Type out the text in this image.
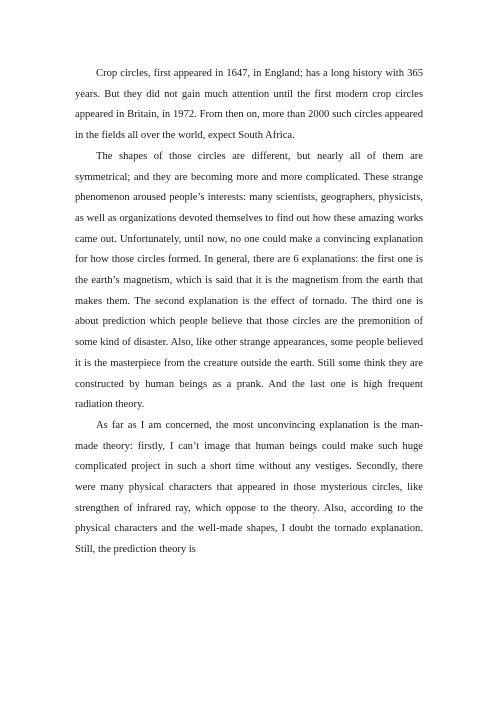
Crop circles, first appeared in 1647, in England; has a long history with 365 years. But they did not gain much attention until the first modern crop circles appeared in Britain, in 1972. From then on, more than 2000 such circles appeared in the fields all over the world, expect South Africa.

The shapes of those circles are different, but nearly all of them are symmetrical; and they are becoming more and more complicated. These strange phenomenon aroused people’s interests: many scientists, geographers, physicists, as well as organizations devoted themselves to find out how these amazing works came out. Unfortunately, until now, no one could make a convincing explanation for how those circles formed. In general, there are 6 explanations: the first one is the earth’s magnetism, which is said that it is the magnetism from the earth that makes them. The second explanation is the effect of tornado. The third one is about prediction which people believe that those circles are the premonition of some kind of disaster. Also, like other strange appearances, some people believed it is the masterpiece from the creature outside the earth. Still some think they are constructed by human beings as a prank. And the last one is high frequent radiation theory.

As far as I am concerned, the most unconvincing explanation is the man-made theory: firstly, I can’t image that human beings could make such huge complicated project in such a short time without any vestiges. Secondly, there were many physical characters that appeared in those mysterious circles, like strengthen of infrared ray, which oppose to the theory. Also, according to the physical characters and the well-made shapes, I doubt the tornado explanation. Still, the prediction theory is
